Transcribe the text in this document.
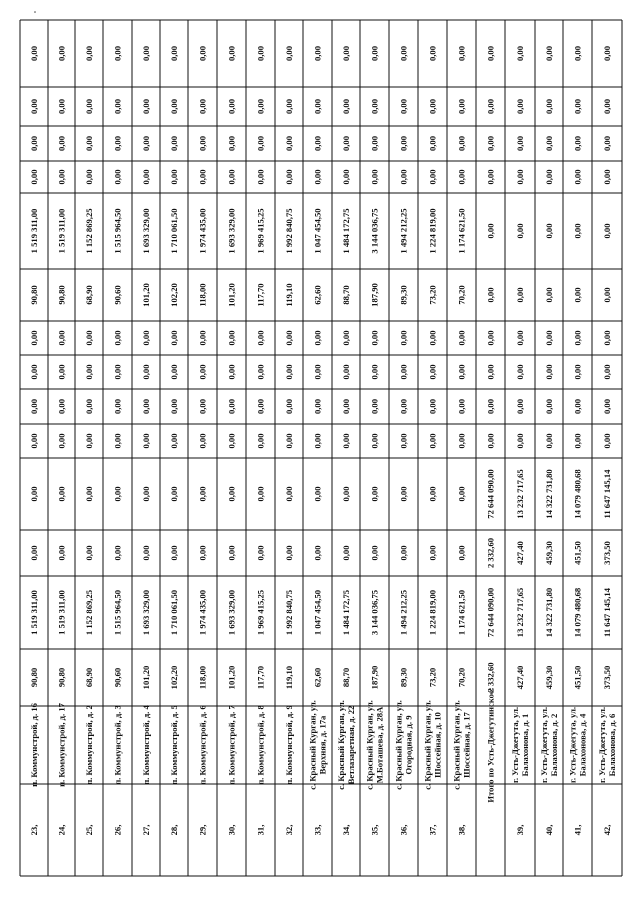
23,
п. Коммунстрой, д. 16
90,80
1 519 311,00
0,00
0,00
0,00
0,00
0,00
0,00
90,80
1 519 311,00
0,00
0,00
0,00
0,00
24,
п. Коммунстрой, д. 17
90,80
1 519 311,00
0,00
0,00
0,00
0,00
0,00
0,00
90,80
1 519 311,00
0,00
0,00
0,00
0,00
25,
п. Коммунстрой, д. 2
68,90
1 152 869,25
0,00
0,00
0,00
0,00
0,00
0,00
68,90
1 152 869,25
0,00
0,00
0,00
0,00
26,
п. Коммунстрой, д. 3
90,60
1 515 964,50
0,00
0,00
0,00
0,00
0,00
0,00
90,60
1 515 964,50
0,00
0,00
0,00
0,00
27,
п. Коммунстрой, д. 4
101,20
1 693 329,00
0,00
0,00
0,00
0,00
0,00
0,00
101,20
1 693 329,00
0,00
0,00
0,00
0,00
28,
п. Коммунстрой, д. 5
102,20
1 710 061,50
0,00
0,00
0,00
0,00
0,00
0,00
102,20
1 710 061,50
0,00
0,00
0,00
0,00
29,
п. Коммунстрой, д. 6
118,00
1 974 435,00
0,00
0,00
0,00
0,00
0,00
0,00
118,00
1 974 435,00
0,00
0,00
0,00
0,00
30,
п. Коммунстрой, д. 7
101,20
1 693 329,00
0,00
0,00
0,00
0,00
0,00
0,00
101,20
1 693 329,00
0,00
0,00
0,00
0,00
31,
п. Коммунстрой, д. 8
117,70
1 969 415,25
0,00
0,00
0,00
0,00
0,00
0,00
117,70
1 969 415,25
0,00
0,00
0,00
0,00
32,
п. Коммунстрой, д. 9
119,10
1 992 840,75
0,00
0,00
0,00
0,00
0,00
0,00
119,10
1 992 840,75
0,00
0,00
0,00
0,00
33,
с. Красный Курган, ул. Верхняя, д. 17а
62,60
1 047 454,50
0,00
0,00
0,00
0,00
0,00
0,00
62,60
1 047 454,50
0,00
0,00
0,00
0,00
34,
с. Красный Курган, ул. Ветлазаретная, д. 22
88,70
1 484 172,75
0,00
0,00
0,00
0,00
0,00
0,00
88,70
1 484 172,75
0,00
0,00
0,00
0,00
35,
с. Красный Курган, ул. М.Боташева, д. 28А
187,90
3 144 036,75
0,00
0,00
0,00
0,00
0,00
0,00
187,90
3 144 036,75
0,00
0,00
0,00
0,00
36,
с. Красный Курган, ул. Огородная, д. 9
89,30
1 494 212,25
0,00
0,00
0,00
0,00
0,00
0,00
89,30
1 494 212,25
0,00
0,00
0,00
0,00
37,
с. Красный Курган, ул. Шоссейная, д. 10
73,20
1 224 819,00
0,00
0,00
0,00
0,00
0,00
0,00
73,20
1 224 819,00
0,00
0,00
0,00
0,00
38,
с. Красный Курган, ул. Шоссейная, д. 17
70,20
1 174 621,50
0,00
0,00
0,00
0,00
0,00
0,00
70,20
1 174 621,50
0,00
0,00
0,00
0,00
Итого по Усть-Джегутинское:
2 332,60
72 644 090,00
2 332,60
72 644 090,00
0,00
0,00
0,00
0,00
0,00
0,00
0,00
0,00
0,00
0,00
39,
г. Усть-Джегута, ул. Балахонова, д. 1
427,40
13 232 717,65
427,40
13 232 717,65
0,00
0,00
0,00
0,00
0,00
0,00
0,00
0,00
0,00
0,00
40,
г. Усть-Джегута, ул. Балахонова, д. 2
459,30
14 322 731,80
459,30
14 322 731,80
0,00
0,00
0,00
0,00
0,00
0,00
0,00
0,00
0,00
0,00
41,
г. Усть-Джегута, ул. Балахонова, д. 4
451,50
14 079 480,68
451,50
14 079 480,68
0,00
0,00
0,00
0,00
0,00
0,00
0,00
0,00
0,00
0,00
42,
г. Усть-Джегута, ул. Балахонова, д. 6
373,50
11 647 145,14
373,50
11 647 145,14
0,00
0,00
0,00
0,00
0,00
0,00
0,00
0,00
0,00
0,00
